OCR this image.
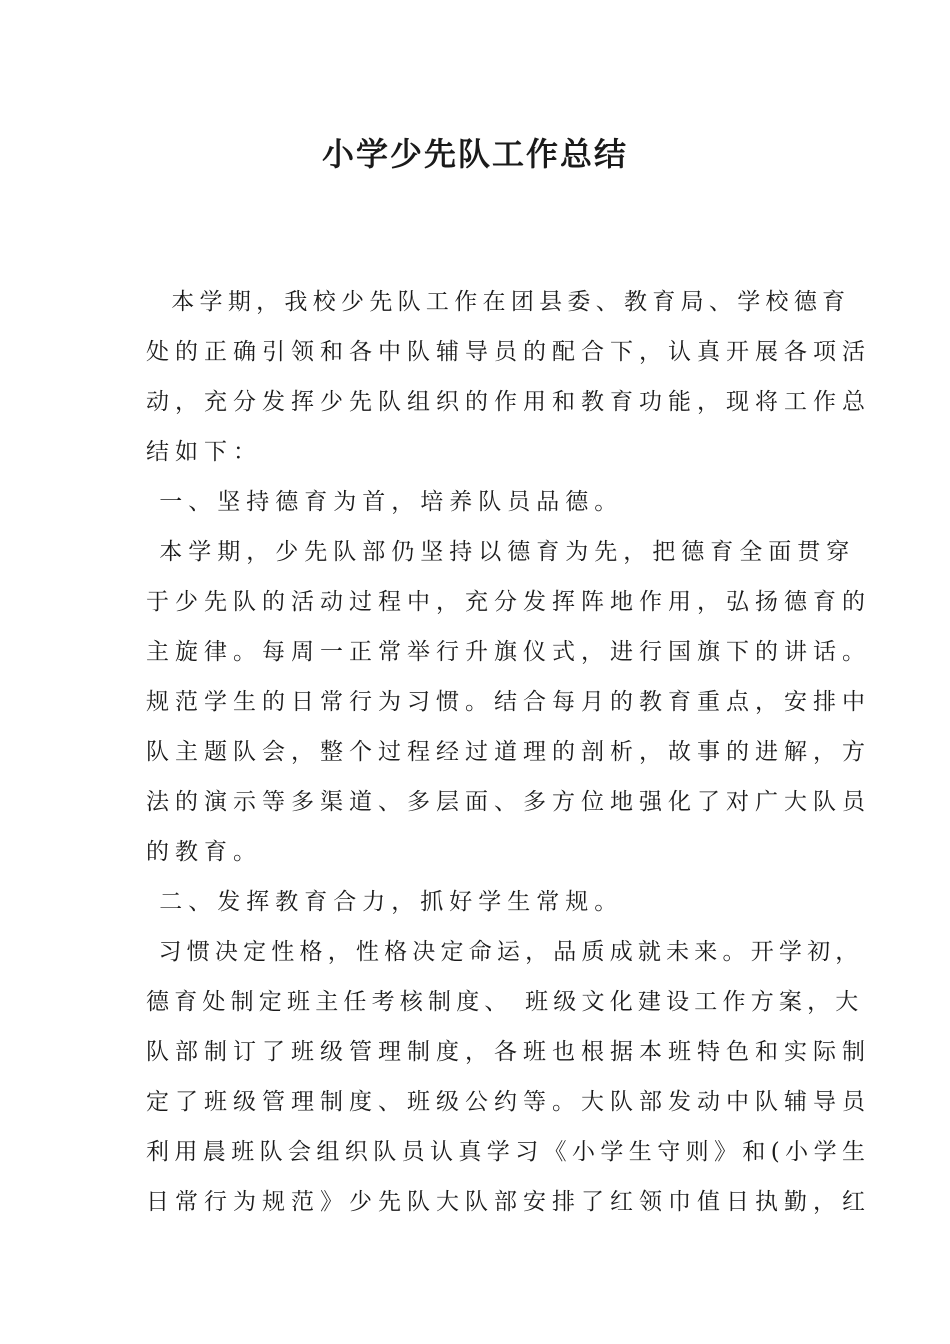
小学少先队工作总结

本学期，我校少先队工作在团县委、教育局、学校德育

处的正确引领和各中队辅导员的配合下，认真开展各项活

动，充分发挥少先队组织的作用和教育功能，现将工作总

结如下：

一、坚持德育为首，培养队员品德。

本学期，少先队部仍坚持以德育为先，把德育全面贯穿

于少先队的活动过程中，充分发挥阵地作用，弘扬德育的

主旋律。每周一正常举行升旗仪式，进行国旗下的讲话。

规范学生的日常行为习惯。结合每月的教育重点，安排中

队主题队会，整个过程经过道理的剖析，故事的进解，方

法的演示等多渠道、多层面、多方位地强化了对广大队员

的教育。

二、发挥教育合力，抓好学生常规。

习惯决定性格，性格决定命运，品质成就未来。开学初，

德育处制定班主任考核制度、 班级文化建设工作方案，大

队部制订了班级管理制度，各班也根据本班特色和实际制

定了班级管理制度、班级公约等。大队部发动中队辅导员

利用晨班队会组织队员认真学习《小学生守则》和(小学生

日常行为规范》少先队大队部安排了红领巾值日执勤，红
